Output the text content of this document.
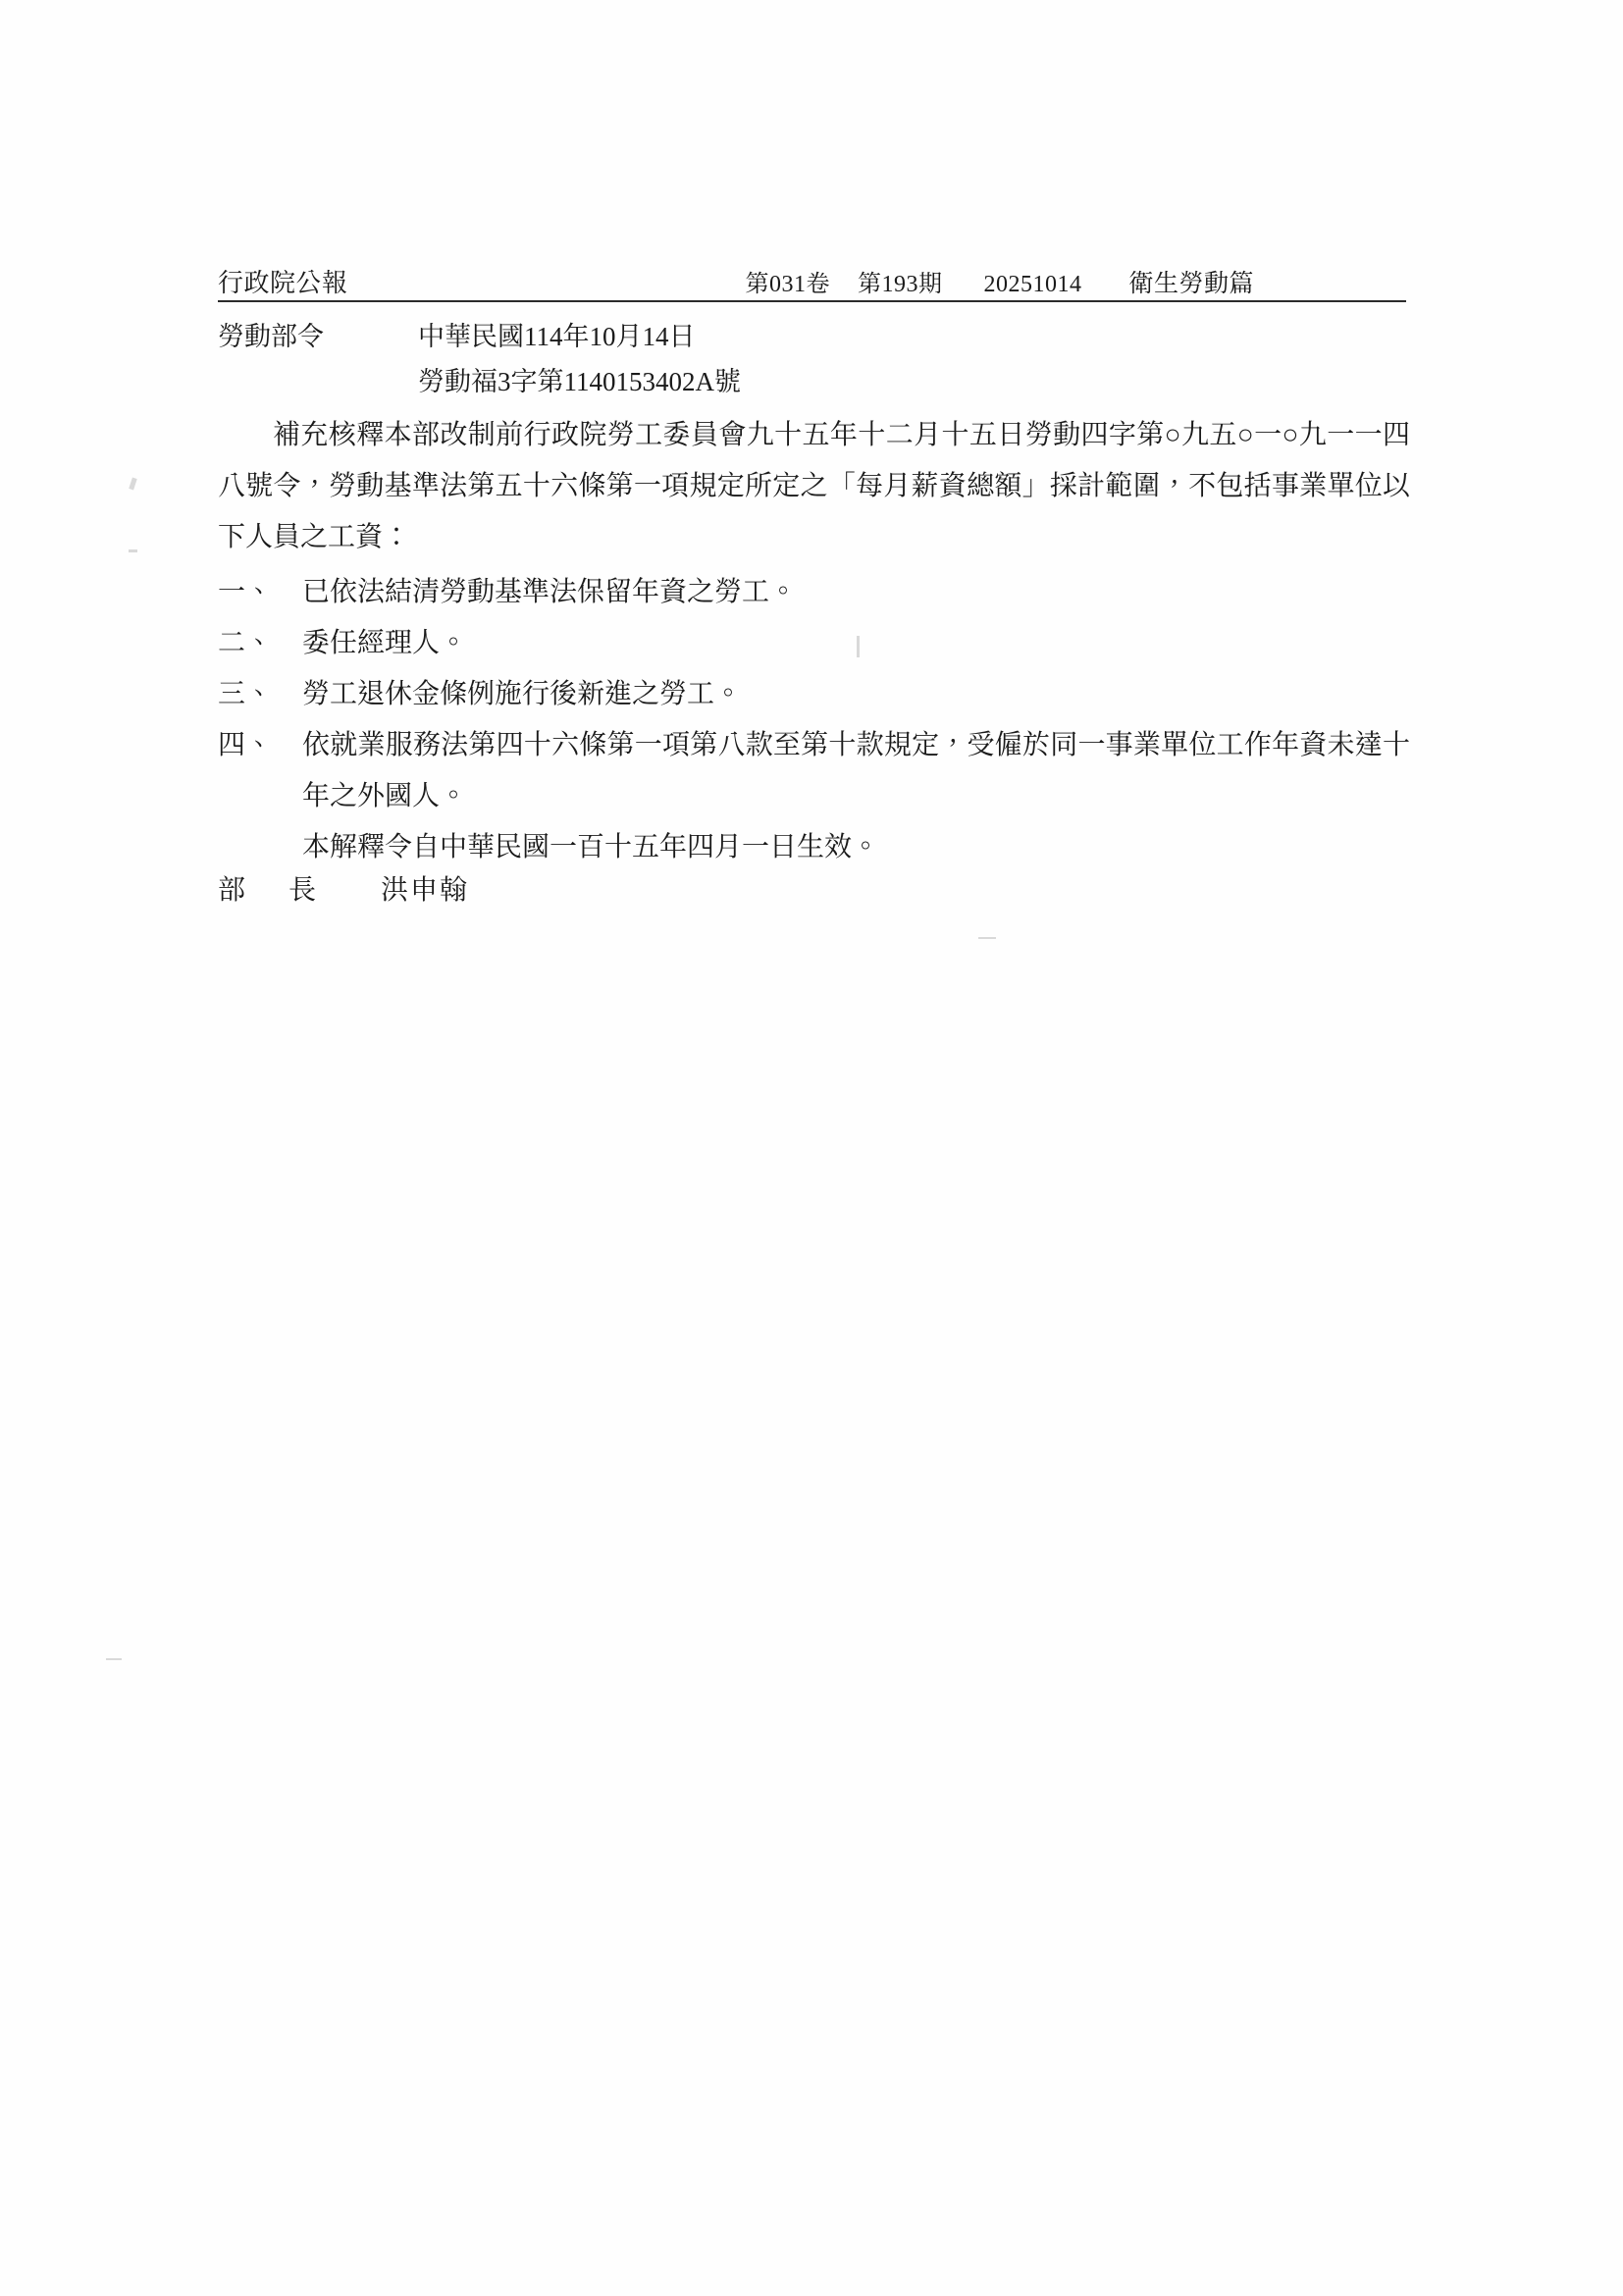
行政院公報	第031卷 第193期 20251014 衛生勞動篇
勞動部令	中華民國114年10月14日
勞動福3字第1140153402A號

補充核釋本部改制前行政院勞工委員會九十五年十二月十五日勞動四字第○九五○一○九一一四八號令，勞動基準法第五十六條第一項規定所定之「每月薪資總額」採計範圍，不包括事業單位以下人員之工資：

一、	已依法結清勞動基準法保留年資之勞工。
二、	委任經理人。
三、	勞工退休金條例施行後新進之勞工。
四、	依就業服務法第四十六條第一項第八款至第十款規定，受僱於同一事業單位工作年資未達十年之外國人。

本解釋令自中華民國一百十五年四月一日生效。

部長 洪申翰
